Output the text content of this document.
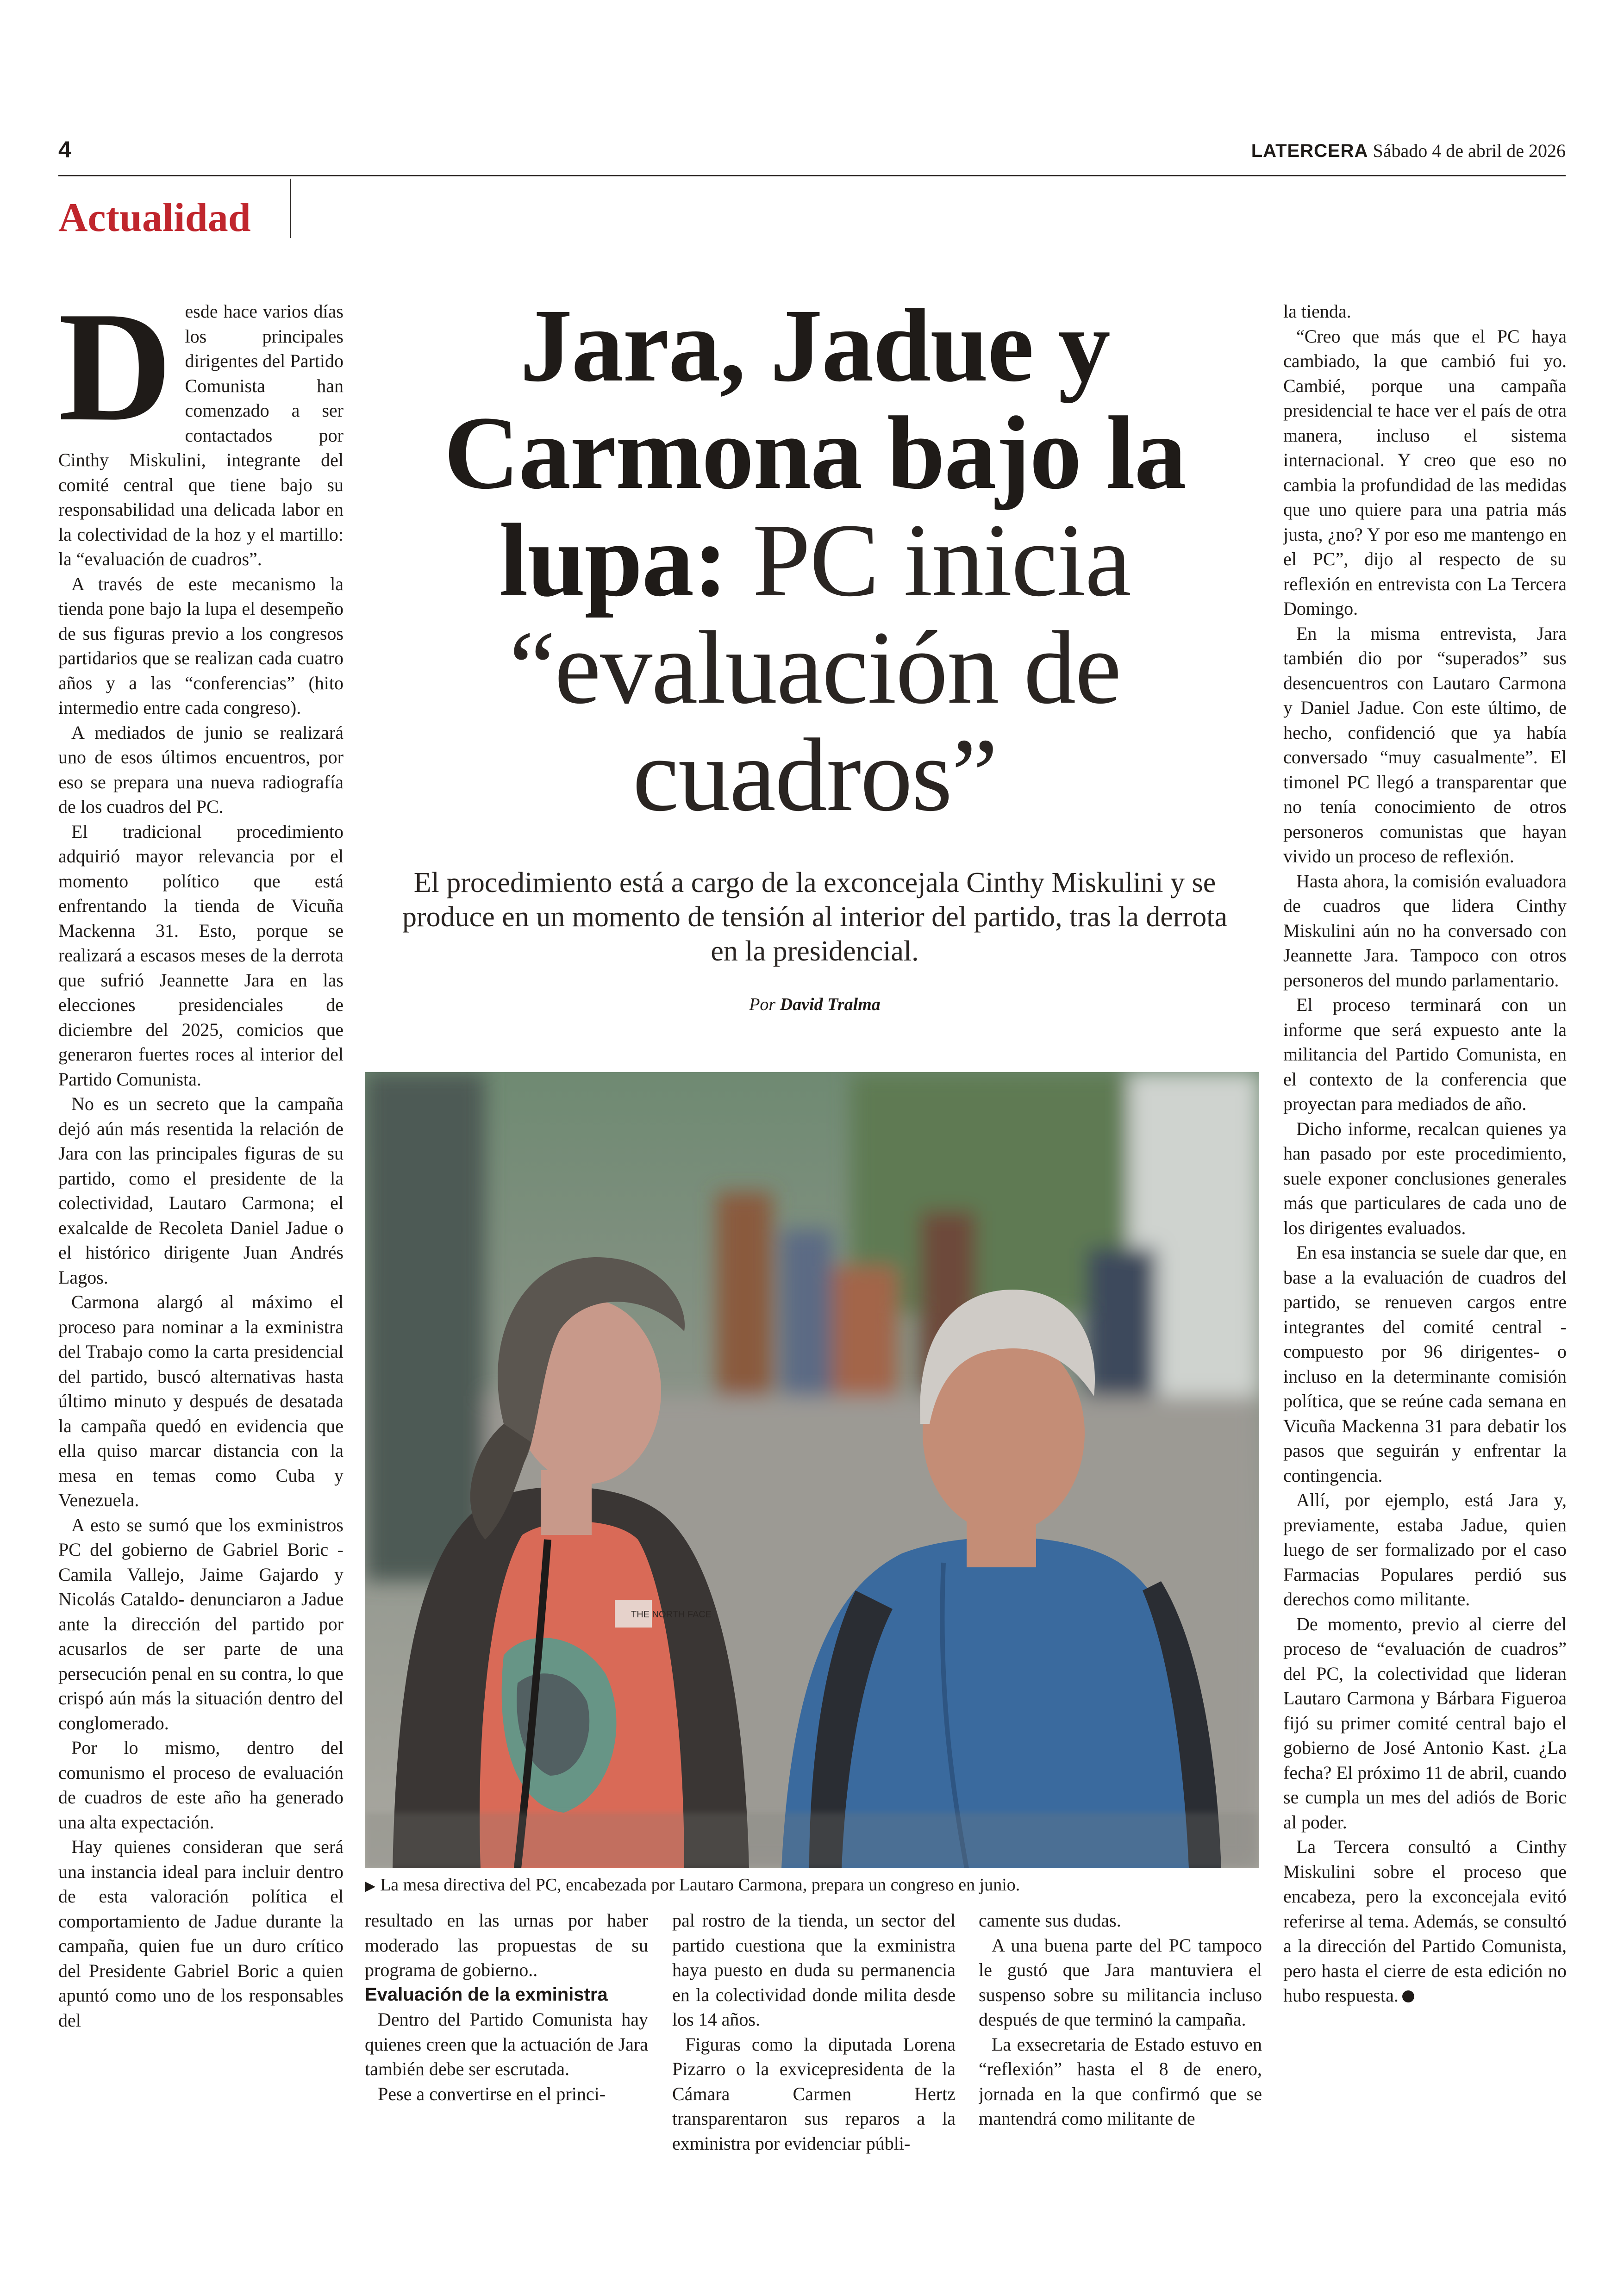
4	LATERCERA Sábado 4 de abril de 2026
Actualidad
D esde hace varios días los principales dirigentes del Partido Comunista han comenzado a ser contactados por Cinthy Miskulini, integrante del comité central que tiene bajo su responsabilidad una delicada labor en la colectividad de la hoz y el martillo: la “evaluación de cuadros”.

A través de este mecanismo la tienda pone bajo la lupa el desempeño de sus figuras previo a los congresos partidarios que se realizan cada cuatro años y a las “conferencias” (hito intermedio entre cada congreso).

A mediados de junio se realizará uno de esos últimos encuentros, por eso se prepara una nueva radiografía de los cuadros del PC.

El tradicional procedimiento adquirió mayor relevancia por el momento político que está enfrentando la tienda de Vicuña Mackenna 31. Esto, porque se realizará a escasos meses de la derrota que sufrió Jeannette Jara en las elecciones presidenciales de diciembre del 2025, comicios que generaron fuertes roces al interior del Partido Comunista.

No es un secreto que la campaña dejó aún más resentida la relación de Jara con las principales figuras de su partido, como el presidente de la colectividad, Lautaro Carmona; el exalcalde de Recoleta Daniel Jadue o el histórico dirigente Juan Andrés Lagos.

Carmona alargó al máximo el proceso para nominar a la exministra del Trabajo como la carta presidencial del partido, buscó alternativas hasta último minuto y después de desatada la campaña quedó en evidencia que ella quiso marcar distancia con la mesa en temas como Cuba y Venezuela.

A esto se sumó que los exministros PC del gobierno de Gabriel Boric -Camila Vallejo, Jaime Gajardo y Nicolás Cataldo- denunciaron a Jadue ante la dirección del partido por acusarlos de ser parte de una persecución penal en su contra, lo que crispó aún más la situación dentro del conglomerado.

Por lo mismo, dentro del comunismo el proceso de evaluación de cuadros de este año ha generado una alta expectación.

Hay quienes consideran que será una instancia ideal para incluir dentro de esta valoración política el comportamiento de Jadue durante la campaña, quien fue un duro crítico del Presidente Gabriel Boric a quien apuntó como uno de los responsables del

Jara, Jadue y Carmona bajo la lupa: PC inicia “evaluación de cuadros”
El procedimiento está a cargo de la exconcejala Cinthy Miskulini y se produce en un momento de tensión al interior del partido, tras la derrota en la presidencial.
Por David Tralma
THE NORTH FACE
▶ La mesa directiva del PC, encabezada por Lautaro Carmona, prepara un congreso en junio.

resultado en las urnas por haber moderado las propuestas de su programa de gobierno..

Evaluación de la exministra

Dentro del Partido Comunista hay quienes creen que la actuación de Jara también debe ser escrutada.

Pese a convertirse en el princi-

pal rostro de la tienda, un sector del partido cuestiona que la exministra haya puesto en duda su permanencia en la colectividad donde milita desde los 14 años.

Figuras como la diputada Lorena Pizarro o la exvicepresidenta de la Cámara Carmen Hertz transparentaron sus reparos a la exministra por evidenciar públi-

camente sus dudas.

A una buena parte del PC tampoco le gustó que Jara mantuviera el suspenso sobre su militancia incluso después de que terminó la campaña.

La exsecretaria de Estado estuvo en “reflexión” hasta el 8 de enero, jornada en la que confirmó que se mantendrá como militante de

la tienda.

“Creo que más que el PC haya cambiado, la que cambió fui yo. Cambié, porque una campaña presidencial te hace ver el país de otra manera, incluso el sistema internacional. Y creo que eso no cambia la profundidad de las medidas que uno quiere para una patria más justa, ¿no? Y por eso me mantengo en el PC”, dijo al respecto de su reflexión en entrevista con La Tercera Domingo.

En la misma entrevista, Jara también dio por “superados” sus desencuentros con Lautaro Carmona y Daniel Jadue. Con este último, de hecho, confidenció que ya había conversado “muy casualmente”. El timonel PC llegó a transparentar que no tenía conocimiento de otros personeros comunistas que hayan vivido un proceso de reflexión.

Hasta ahora, la comisión evaluadora de cuadros que lidera Cinthy Miskulini aún no ha conversado con Jeannette Jara. Tampoco con otros personeros del mundo parlamentario.

El proceso terminará con un informe que será expuesto ante la militancia del Partido Comunista, en el contexto de la conferencia que proyectan para mediados de año.

Dicho informe, recalcan quienes ya han pasado por este procedimiento, suele exponer conclusiones generales más que particulares de cada uno de los dirigentes evaluados.

En esa instancia se suele dar que, en base a la evaluación de cuadros del partido, se renueven cargos entre integrantes del comité central -compuesto por 96 dirigentes- o incluso en la determinante comisión política, que se reúne cada semana en Vicuña Mackenna 31 para debatir los pasos que seguirán y enfrentar la contingencia.

Allí, por ejemplo, está Jara y, previamente, estaba Jadue, quien luego de ser formalizado por el caso Farmacias Populares perdió sus derechos como militante.

De momento, previo al cierre del proceso de “evaluación de cuadros” del PC, la colectividad que lideran Lautaro Carmona y Bárbara Figueroa fijó su primer comité central bajo el gobierno de José Antonio Kast. ¿La fecha? El próximo 11 de abril, cuando se cumpla un mes del adiós de Boric al poder.

La Tercera consultó a Cinthy Miskulini sobre el proceso que encabeza, pero la exconcejala evitó referirse al tema. Además, se consultó a la dirección del Partido Comunista, pero hasta el cierre de esta edición no hubo respuesta.
